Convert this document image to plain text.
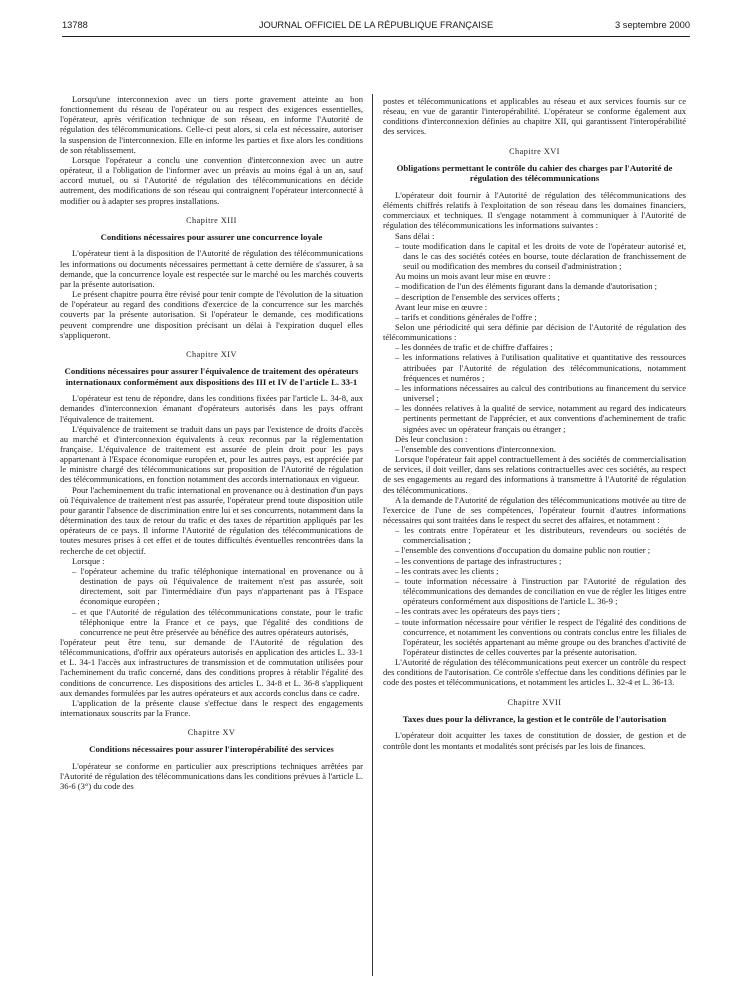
13788	JOURNAL OFFICIEL DE LA RÉPUBLIQUE FRANÇAISE	3 septembre 2000

Lorsqu'une interconnexion avec un tiers porte gravement atteinte au bon fonctionnement du réseau de l'opérateur ou au respect des exigences essentielles, l'opérateur, après vérification technique de son réseau, en informe l'Autorité de régulation des télécommunications. Celle-ci peut alors, si cela est nécessaire, autoriser la suspension de l'interconnexion. Elle en informe les parties et fixe alors les conditions de son rétablissement.

Lorsque l'opérateur a conclu une convention d'interconnexion avec un autre opérateur, il a l'obligation de l'informer avec un préavis au moins égal à un an, sauf accord mutuel, ou si l'Autorité de régulation des télécommunications en décide autrement, des modifications de son réseau qui contraignent l'opérateur interconnecté à modifier ou à adapter ses propres installations.

Chapitre XIII
Conditions nécessaires pour assurer une concurrence loyale

L'opérateur tient à la disposition de l'Autorité de régulation des télécommunications les informations ou documents nécessaires permettant à cette dernière de s'assurer, à sa demande, que la concurrence loyale est respectée sur le marché ou les marchés couverts par la présente autorisation.

Le présent chapitre pourra être révisé pour tenir compte de l'évolution de la situation de l'opérateur au regard des conditions d'exercice de la concurrence sur les marchés couverts par la présente autorisation. Si l'opérateur le demande, ces modifications peuvent comprendre une disposition précisant un délai à l'expiration duquel elles s'appliqueront.

Chapitre XIV
Conditions nécessaires pour assurer l'équivalence de traitement des opérateurs internationaux conformément aux dispositions des III et IV de l'article L. 33-1

L'opérateur est tenu de répondre, dans les conditions fixées par l'article L. 34-8, aux demandes d'interconnexion émanant d'opérateurs autorisés dans les pays offrant l'équivalence de traitement.

L'équivalence de traitement se traduit dans un pays par l'existence de droits d'accès au marché et d'interconnexion équivalents à ceux reconnus par la réglementation française. L'équivalence de traitement est assurée de plein droit pour les pays appartenant à l'Espace économique européen et, pour les autres pays, est appréciée par le ministre chargé des télécommunications sur proposition de l'Autorité de régulation des télécommunications, en fonction notamment des accords internationaux en vigueur.

Pour l'acheminement du trafic international en provenance ou à destination d'un pays où l'équivalence de traitement n'est pas assurée, l'opérateur prend toute disposition utile pour garantir l'absence de discrimination entre lui et ses concurrents, notamment dans la détermination des taux de retour du trafic et des taxes de répartition appliqués par les opérateurs de ce pays. Il informe l'Autorité de régulation des télécommunications de toutes mesures prises à cet effet et de toutes difficultés éventuelles rencontrées dans la recherche de cet objectif.

Lorsque :

– l'opérateur achemine du trafic téléphonique international en provenance ou à destination de pays où l'équivalence de traitement n'est pas assurée, soit directement, soit par l'intermédiaire d'un pays n'appartenant pas à l'Espace économique européen ;

– et que l'Autorité de régulation des télécommunications constate, pour le trafic téléphonique entre la France et ce pays, que l'égalité des conditions de concurrence ne peut être préservée au bénéfice des autres opérateurs autorisés,

l'opérateur peut être tenu, sur demande de l'Autorité de régulation des télécommunications, d'offrir aux opérateurs autorisés en application des articles L. 33-1 et L. 34-1 l'accès aux infrastructures de transmission et de commutation utilisées pour l'acheminement du trafic concerné, dans des conditions propres à rétablir l'égalité des conditions de concurrence. Les dispositions des articles L. 34-8 et L. 36-8 s'appliquent aux demandes formulées par les autres opérateurs et aux accords conclus dans ce cadre.

L'application de la présente clause s'effectue dans le respect des engagements internationaux souscrits par la France.

Chapitre XV
Conditions nécessaires pour assurer l'interopérabilité des services

L'opérateur se conforme en particulier aux prescriptions techniques arrêtées par l'Autorité de régulation des télécommunications dans les conditions prévues à l'article L. 36-6 (3°) du code des

postes et télécommunications et applicables au réseau et aux services fournis sur ce réseau, en vue de garantir l'interopérabilité. L'opérateur se conforme également aux conditions d'interconnexion définies au chapitre XII, qui garantissent l'interopérabilité des services.

Chapitre XVI
Obligations permettant le contrôle du cahier des charges par l'Autorité de régulation des télécommunications

L'opérateur doit fournir à l'Autorité de régulation des télécommunications des éléments chiffrés relatifs à l'exploitation de son réseau dans les domaines financiers, commerciaux et techniques. Il s'engage notamment à communiquer à l'Autorité de régulation des télécommunications les informations suivantes :

Sans délai :

– toute modification dans le capital et les droits de vote de l'opérateur autorisé et, dans le cas des sociétés cotées en bourse, toute déclaration de franchissement de seuil ou modification des membres du conseil d'administration ;

Au moins un mois avant leur mise en œuvre :

– modification de l'un des éléments figurant dans la demande d'autorisation ;

– description de l'ensemble des services offerts ;

Avant leur mise en œuvre :

– tarifs et conditions générales de l'offre ;

Selon une périodicité qui sera définie par décision de l'Autorité de régulation des télécommunications :

– les données de trafic et de chiffre d'affaires ;

– les informations relatives à l'utilisation qualitative et quantitative des ressources attribuées par l'Autorité de régulation des télécommunications, notamment fréquences et numéros ;

– les informations nécessaires au calcul des contributions au financement du service universel ;

– les données relatives à la qualité de service, notamment au regard des indicateurs pertinents permettant de l'apprécier, et aux conventions d'acheminement de trafic signées avec un opérateur français ou étranger ;

Dès leur conclusion :

– l'ensemble des conventions d'interconnexion.

Lorsque l'opérateur fait appel contractuellement à des sociétés de commercialisation de services, il doit veiller, dans ses relations contractuelles avec ces sociétés, au respect de ses engagements au regard des informations à transmettre à l'Autorité de régulation des télécommunications.

A la demande de l'Autorité de régulation des télécommunications motivée au titre de l'exercice de l'une de ses compétences, l'opérateur fournit d'autres informations nécessaires qui sont traitées dans le respect du secret des affaires, et notamment :

– les contrats entre l'opérateur et les distributeurs, revendeurs ou sociétés de commercialisation ;

– l'ensemble des conventions d'occupation du domaine public non routier ;

– les conventions de partage des infrastructures ;

– les contrats avec les clients ;

– toute information nécessaire à l'instruction par l'Autorité de régulation des télécommunications des demandes de conciliation en vue de régler les litiges entre opérateurs conformément aux dispositions de l'article L. 36-9 ;

– les contrats avec les opérateurs des pays tiers ;

– toute information nécessaire pour vérifier le respect de l'égalité des conditions de concurrence, et notamment les conventions ou contrats conclus entre les filiales de l'opérateur, les sociétés appartenant au même groupe ou des branches d'activité de l'opérateur distinctes de celles couvertes par la présente autorisation.

L'Autorité de régulation des télécommunications peut exercer un contrôle du respect des conditions de l'autorisation. Ce contrôle s'effectue dans les conditions définies par le code des postes et télécommunications, et notamment les articles L. 32-4 et L. 36-13.

Chapitre XVII
Taxes dues pour la délivrance, la gestion et le contrôle de l'autorisation

L'opérateur doit acquitter les taxes de constitution de dossier, de gestion et de contrôle dont les montants et modalités sont précisés par les lois de finances.
